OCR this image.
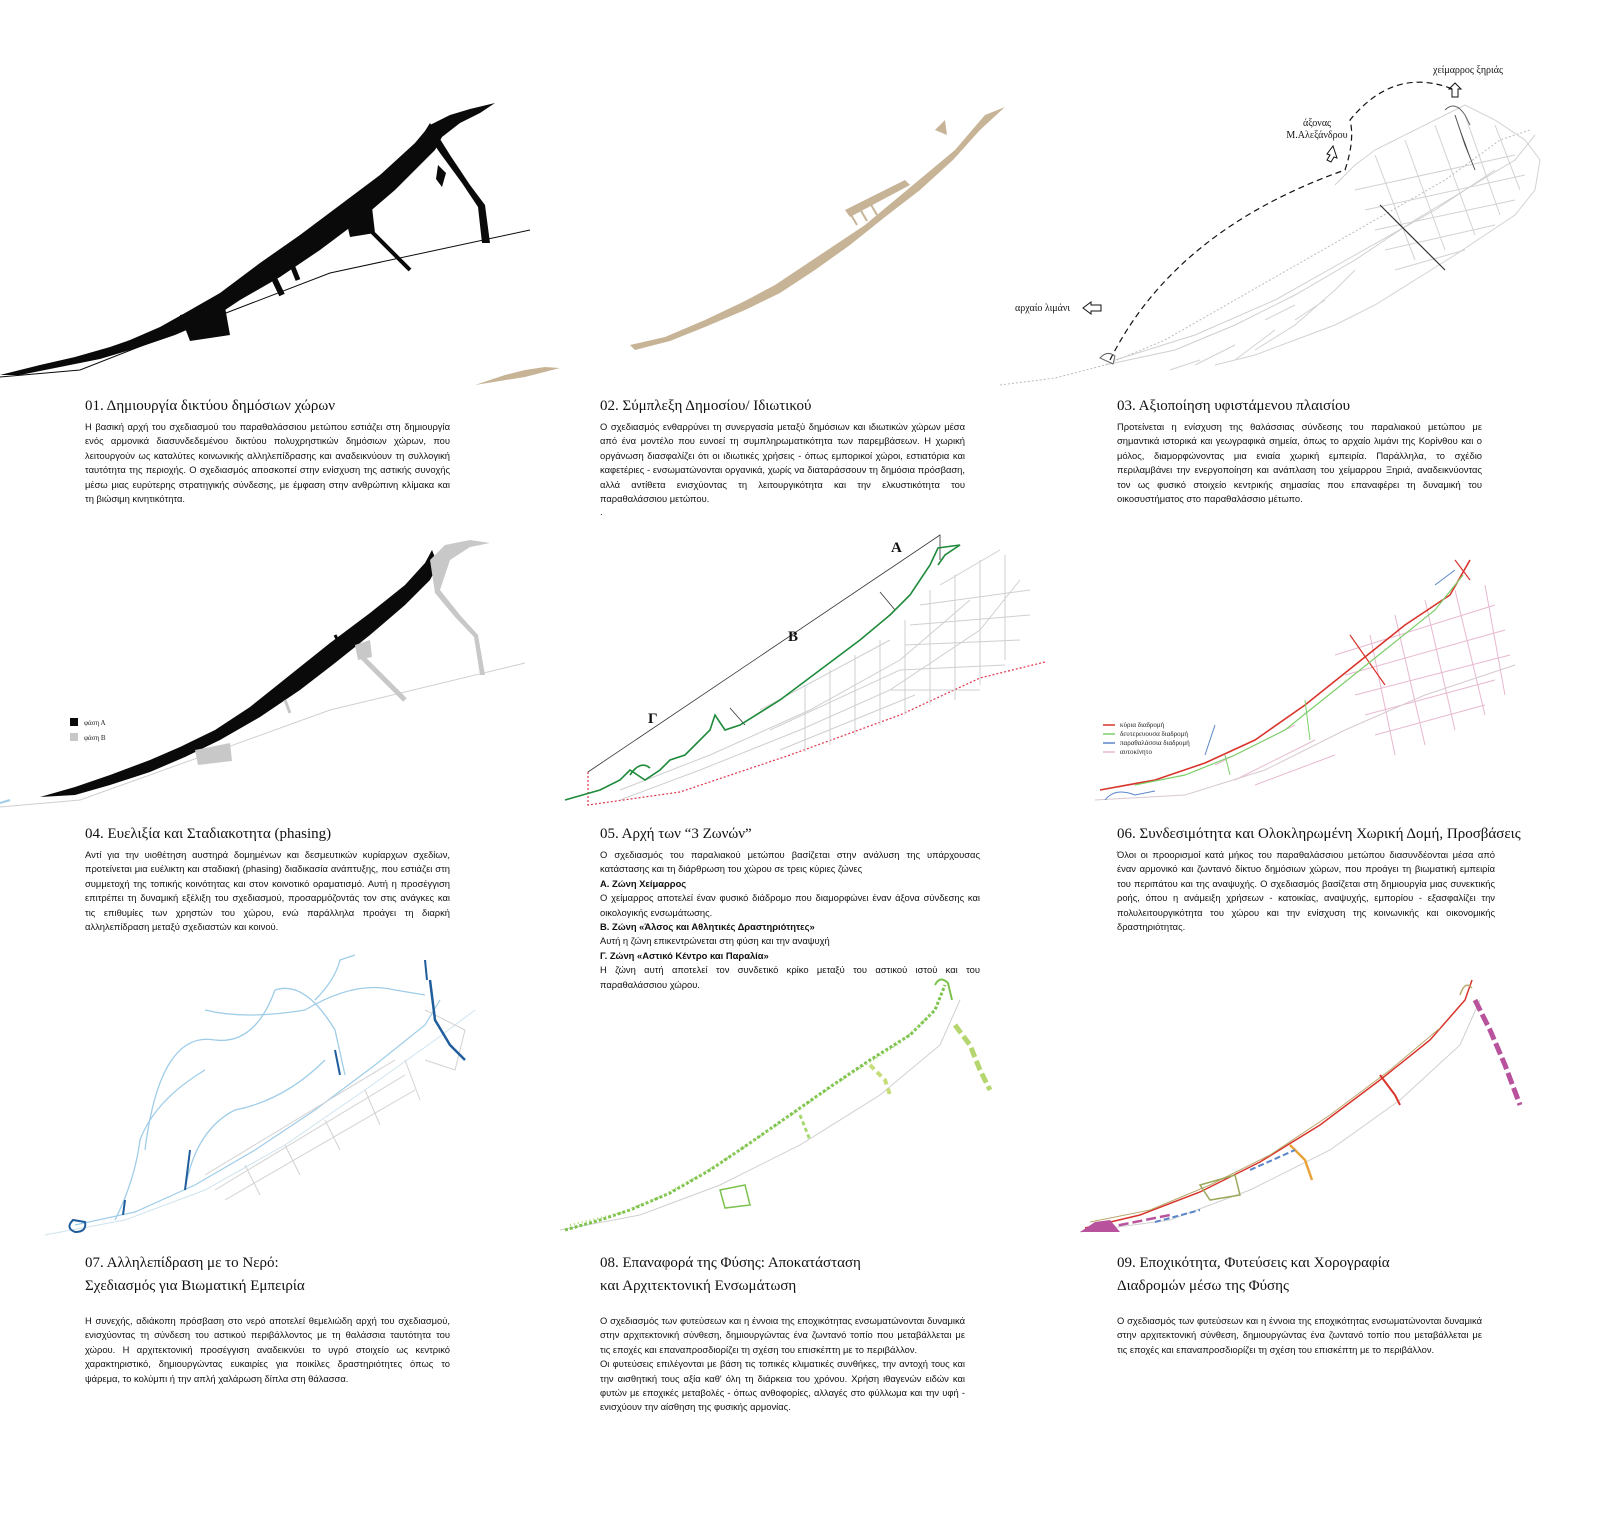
χείμαρρος ξηριάς
άξονας
Μ.Αλεξάνδρου
αρχαίο λιμάνι
01. Δημιουργία δικτύου δημόσιων χώρων
Η βασική αρχή του σχεδιασμού του παραθαλάσσιου μετώπου εστιάζει στη δημιουργία ενός αρμονικά διασυνδεδεμένου δικτύου πολυχρηστικών δημόσιων χώρων, που λειτουργούν ως καταλύτες κοινωνικής αλληλεπίδρασης και αναδεικνύουν τη συλλογική ταυτότητα της περιοχής. Ο σχεδιασμός αποσκοπεί στην ενίσχυση της αστικής συνοχής μέσω μιας ευρύτερης στρατηγικής σύνδεσης, με έμφαση στην ανθρώπινη κλίμακα και τη βιώσιμη κινητικότητα.
02. Σύμπλεξη Δημοσίου/ Ιδιωτικού
Ο σχεδιασμός ενθαρρύνει τη συνεργασία μεταξύ δημόσιων και ιδιωτικών χώρων μέσα από ένα μοντέλο που ευνοεί τη συμπληρωματικότητα των παρεμβάσεων. Η χωρική οργάνωση διασφαλίζει ότι οι ιδιωτικές χρήσεις - όπως εμπορικοί χώροι, εστιατόρια και καφετέριες - ενσωματώνονται οργανικά, χωρίς να διαταράσσουν τη δημόσια πρόσβαση, αλλά αντίθετα ενισχύοντας τη λειτουργικότητα και την ελκυστικότητα του παραθαλάσσιου μετώπου.
.
03. Αξιοποίηση υφιστάμενου πλαισίου
Προτείνεται η ενίσχυση της θαλάσσιας σύνδεσης του παραλιακού μετώπου με σημαντικά ιστορικά και γεωγραφικά σημεία, όπως το αρχαίο λιμάνι της Κορίνθου και ο μόλος, διαμορφώνοντας μια ενιαία χωρική εμπειρία. Παράλληλα, το σχέδιο περιλαμβάνει την ενεργοποίηση και ανάπλαση του χείμαρρου Ξηριά, αναδεικνύοντας τον ως φυσικό στοιχείο κεντρικής σημασίας που επαναφέρει τη δυναμική του οικοσυστήματος στο παραθαλάσσιο μέτωπο.
φάση Α
φάση Β
Α
Β
Γ	κύρια διαδρομή
δευτερευουσα διαδρομή
παραθαλάσσια διαδρομή
αυτοκίνητο
04. Ευελιξία και Σταδιακοτητα (phasing)
Αντί για την υιοθέτηση αυστηρά δομημένων και δεσμευτικών κυρίαρχων σχεδίων, προτείνεται μια ευέλικτη και σταδιακή (phasing) διαδικασία ανάπτυξης, που εστιάζει στη συμμετοχή της τοπικής κοινότητας και στον κοινοτικό οραματισμό. Αυτή η προσέγγιση επιτρέπει τη δυναμική εξέλιξη του σχεδιασμού, προσαρμόζοντάς τον στις ανάγκες και τις επιθυμίες των χρηστών του χώρου, ενώ παράλληλα προάγει τη διαρκή αλληλεπίδραση μεταξύ σχεδιαστών και κοινού.
05. Αρχή των “3 Ζωνών”

Ο σχεδιασμός του παραλιακού μετώπου βασίζεται στην ανάλυση της υπάρχουσας κατάστασης και τη διάρθρωση του χώρου σε τρεις κύριες ζώνες

Α. Ζώνη Χείμαρρος

Ο χείμαρρος αποτελεί έναν φυσικό διάδρομο που διαμορφώνει έναν άξονα σύνδεσης και οικολογικής ενσωμάτωσης.

Β. Ζώνη «Άλσος και Αθλητικές Δραστηριότητες»

Αυτή η ζώνη επικεντρώνεται στη φύση και την αναψυχή

Γ. Ζώνη «Αστικό Κέντρο και Παραλία»

Η ζώνη αυτή αποτελεί τον συνδετικό κρίκο μεταξύ του αστικού ιστού και του παραθαλάσσιου χώρου.

06. Συνδεσιμότητα και Ολοκληρωμένη Χωρική Δομή, Προσβάσεις
Όλοι οι προορισμοί κατά μήκος του παραθαλάσσιου μετώπου διασυνδέονται μέσα από έναν αρμονικό και ζωντανό δίκτυο δημόσιων χώρων, που προάγει τη βιωματική εμπειρία του περιπάτου και της αναψυχής. Ο σχεδιασμός βασίζεται στη δημιουργία μιας συνεκτικής ροής, όπου η ανάμειξη χρήσεων - κατοικίας, αναψυχής, εμπορίου - εξασφαλίζει την πολυλειτουργικότητα του χώρου και την ενίσχυση της κοινωνικής και οικονομικής δραστηριότητας.
07. Αλληλεπίδραση με το Νερό:
Σχεδιασμός για Βιωματική Εμπειρία
Η συνεχής, αδιάκοπη πρόσβαση στο νερό αποτελεί θεμελιώδη αρχή του σχεδιασμού, ενισχύοντας τη σύνδεση του αστικού περιβάλλοντος με τη θαλάσσια ταυτότητα του χώρου. Η αρχιτεκτονική προσέγγιση αναδεικνύει το υγρό στοιχείο ως κεντρικό χαρακτηριστικό, δημιουργώντας ευκαιρίες για ποικίλες δραστηριότητες όπως το ψάρεμα, το κολύμπι ή την απλή χαλάρωση δίπλα στη θάλασσα.
08. Επαναφορά της Φύσης: Αποκατάσταση
και Αρχιτεκτονική Ενσωμάτωση

Ο σχεδιασμός των φυτεύσεων και η έννοια της εποχικότητας ενσωματώνονται δυναμικά στην αρχιτεκτονική σύνθεση, δημιουργώντας ένα ζωντανό τοπίο που μεταβάλλεται με τις εποχές και επαναπροσδιορίζει τη σχέση του επισκέπτη με το περιβάλλον.

Οι φυτεύσεις επιλέγονται με βάση τις τοπικές κλιματικές συνθήκες, την αντοχή τους και την αισθητική τους αξία καθ' όλη τη διάρκεια του χρόνου. Χρήση ιθαγενών ειδών και φυτών με εποχικές μεταβολές - όπως ανθοφορίες, αλλαγές στο φύλλωμα και την υφή - ενισχύουν την αίσθηση της φυσικής αρμονίας.

09. Εποχικότητα, Φυτεύσεις και Χορογραφία
Διαδρομών μέσω της Φύσης
Ο σχεδιασμός των φυτεύσεων και η έννοια της εποχικότητας ενσωματώνονται δυναμικά στην αρχιτεκτονική σύνθεση, δημιουργώντας ένα ζωντανό τοπίο που μεταβάλλεται με τις εποχές και επαναπροσδιορίζει τη σχέση του επισκέπτη με το περιβάλλον.
